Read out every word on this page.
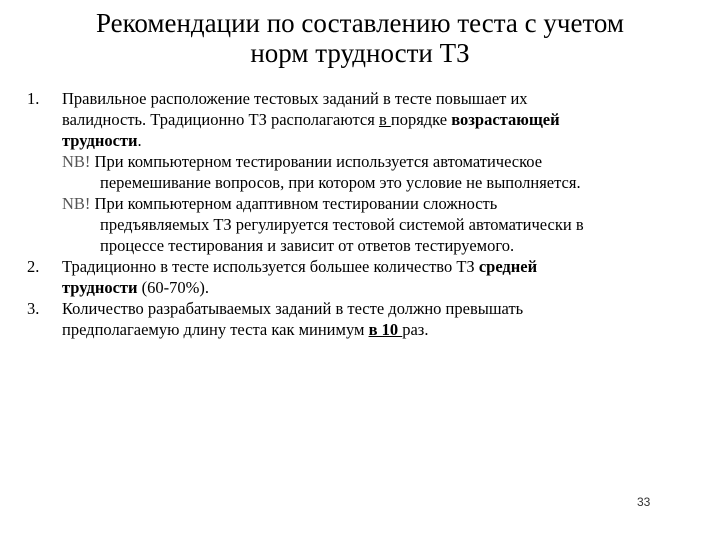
Рекомендации по составлению теста с учетом
норм трудности ТЗ
1. Правильное расположение тестовых заданий в тесте повышает их
валидность. Традиционно ТЗ располагаются в порядке возрастающей
трудности.
NB! При компьютерном тестировании используется автоматическое
перемешивание вопросов, при котором это условие не выполняется.
NB! При компьютерном адаптивном тестировании сложность
предъявляемых ТЗ регулируется тестовой системой автоматически в
процессе тестирования и зависит от ответов тестируемого.
2. Традиционно в тесте используется большее количество ТЗ средней
трудности (60-70%).
3. Количество разрабатываемых заданий в тесте должно превышать
предполагаемую длину теста как минимум в 10 раз.
33
